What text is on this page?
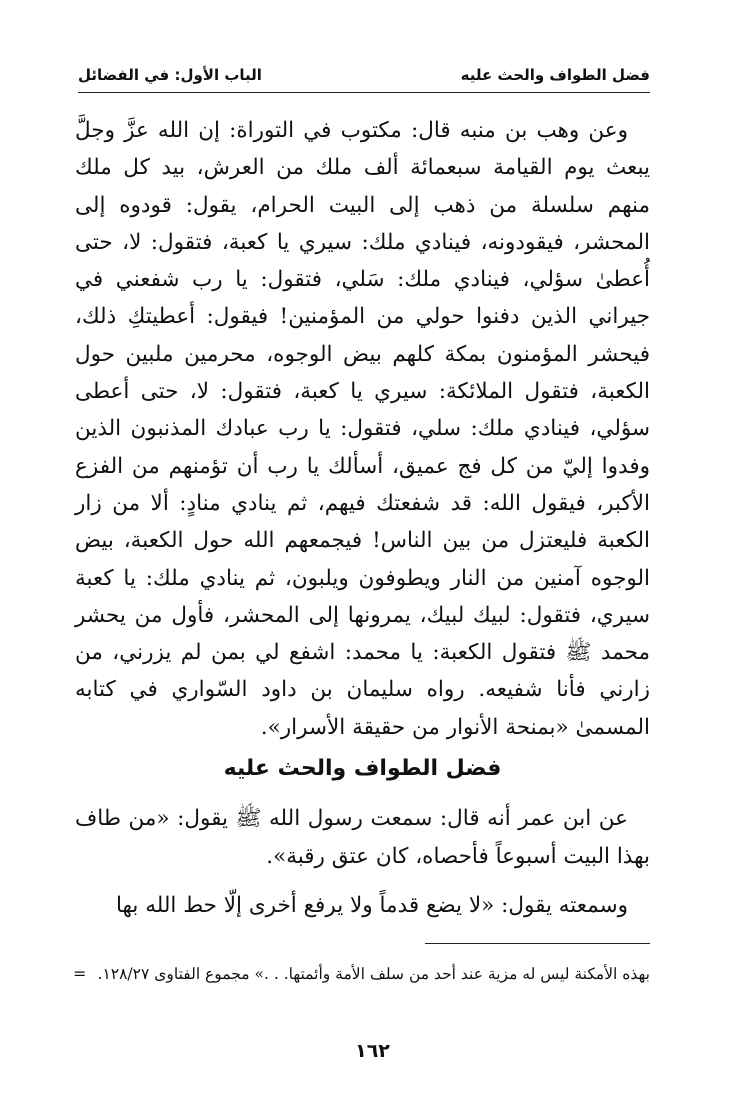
فضل الطواف والحث عليه
الباب الأول: في الفضائل

وعن وهب بن منبه قال: مكتوب في التوراة: إن الله عزَّ وجلَّ يبعث يوم القيامة سبعمائة ألف ملك من العرش، بيد كل ملك منهم سلسلة من ذهب إلى البيت الحرام، يقول: قودوه إلى المحشر، فيقودونه، فينادي ملك: سيري يا كعبة، فتقول: لا، حتى أُعطىٰ سؤلي، فينادي ملك: سَلي، فتقول: يا رب شفعني في جيراني الذين دفنوا حولي من المؤمنين! فيقول: أعطيتكِ ذلك، فيحشر المؤمنون بمكة كلهم بيض الوجوه، محرمين ملبين حول الكعبة، فتقول الملائكة: سيري يا كعبة، فتقول: لا، حتى أعطى سؤلي، فينادي ملك: سلي، فتقول: يا رب عبادك المذنبون الذين وفدوا إليّ من كل فج عميق، أسألك يا رب أن تؤمنهم من الفزع الأكبر، فيقول الله: قد شفعتك فيهم، ثم ينادي منادٍ: ألا من زار الكعبة فليعتزل من بين الناس! فيجمعهم الله حول الكعبة، بيض الوجوه آمنين من النار ويطوفون ويلبون، ثم ينادي ملك: يا كعبة سيري، فتقول: لبيك لبيك، يمرونها إلى المحشر، فأول من يحشر محمد ﷺ فتقول الكعبة: يا محمد: اشفع لي بمن لم يزرني، من زارني فأنا شفيعه. رواه سليمان بن داود السّواري في كتابه المسمىٰ «بمنحة الأنوار من حقيقة الأسرار».

فضل الطواف والحث عليه

عن ابن عمر أنه قال: سمعت رسول الله ﷺ يقول: «من طاف بهذا البيت أسبوعاً فأحصاه، كان عتق رقبة».

وسمعته يقول: «لا يضع قدماً ولا يرفع أخرى إلّا حط الله بها

= بهذه الأمكنة ليس له مزية عند أحد من سلف الأمة وأئمتها. . .» مجموع الفتاوى ١٢٨/٢٧.
١٦٢
